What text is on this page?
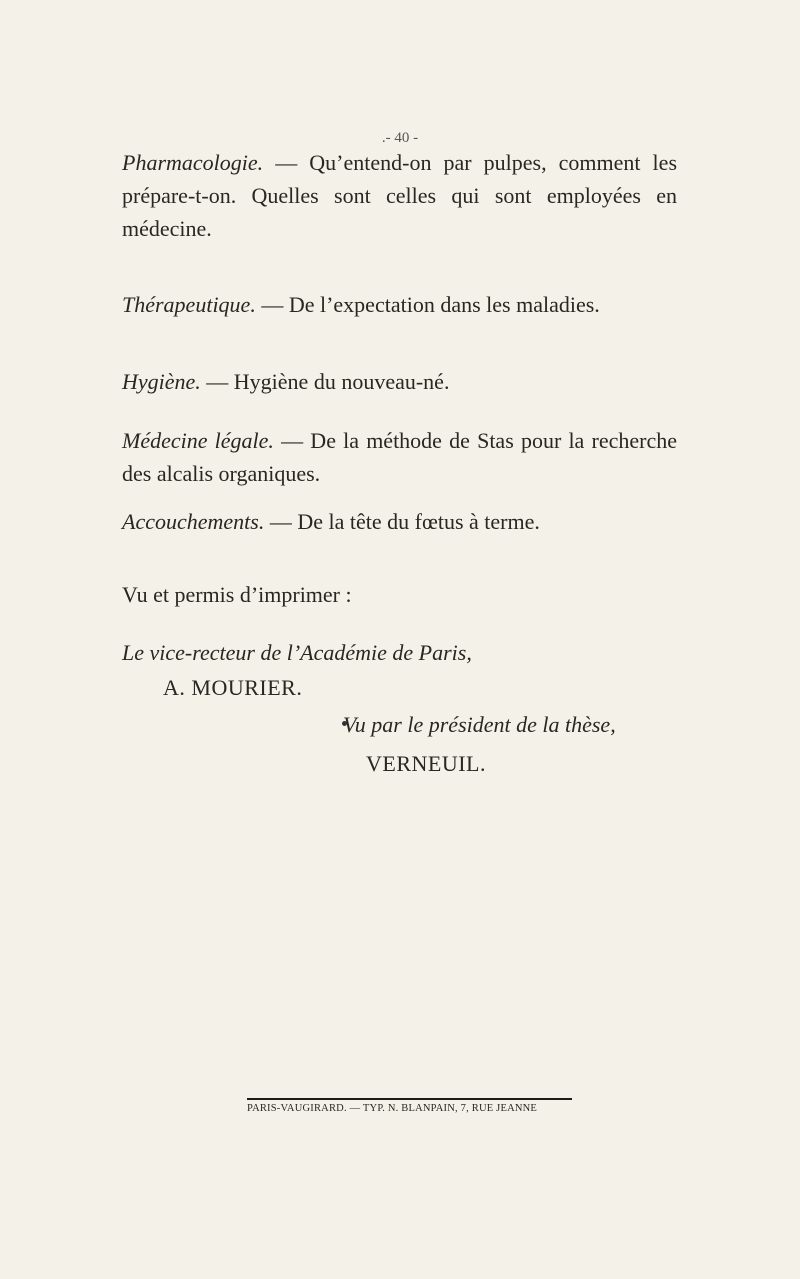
.- 40 -
Pharmacologie. — Qu’entend-on par pulpes, comment les prépare-t-on. Quelles sont celles qui sont employées en médecine.
Thérapeutique. — De l’expectation dans les maladies.
Hygiène. — Hygiène du nouveau-né.
Médecine légale. — De la méthode de Stas pour la recherche des alcalis organiques.
Accouchements. — De la tête du fœtus à terme.
Vu et permis d’imprimer :
Le vice-recteur de l’Académie de Paris,
A. MOURIER.
Vu par le président de la thèse,
VERNEUIL.
PARIS-VAUGIRARD. — TYP. N. BLANPAIN, 7, RUE JEANNE
